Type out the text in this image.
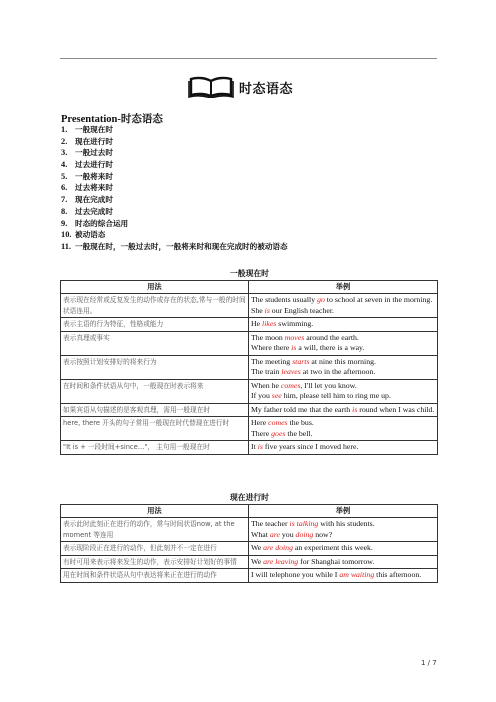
时态语态
Presentation-时态语态
1. 一般现在时
2. 现在进行时
3. 一般过去时
4. 过去进行时
5. 一般将来时
6. 过去将来时
7. 现在完成时
8. 过去完成时
9. 时态的综合运用
10. 被动语态
11. 一般现在时，一般过去时，一般将来时和现在完成时的被动语态
一般现在时
用法	举例
表示现在经常或反复发生的动作或存在的状态,常与一般的时间状语连用。	The students usually go to school at seven in the morning.
She is our English teacher.

表示主语的行为特征，性格或能力	He likes swimming.

表示真理或事实	The moon moves around the earth.
Where there is a will, there is a way.

表示按照计划安排好的将来行为	The meeting starts at nine this morning.
The train leaves at two in the afternoon.

在时间和条件状语从句中，一般现在时表示将来	When he comes, I'll let you know.
If you see him, please tell him to ring me up.

如果宾语从句描述的是客观真理，需用一般现在时	My father told me that the earth is round when I was child.

here, there 开头的句子常用一般现在时代替现在进行时	Here comes the bus.
There goes the bell.

"It is + 一段时间+since…"， 主句用一般现在时	It is five years since I moved here.
现在进行时
用法	举例
表示此时此刻正在进行的动作，常与时间状语now, at the moment 等连用	The teacher is talking with his students.
What are you doing now?

表示现阶段正在进行的动作，但此刻并不一定在进行	We are doing an experiment this week.

有时可用来表示将来发生的动作，表示安排好计划好的事情	We are leaving for Shanghai tomorrow.

用在时间和条件状语从句中表达将来正在进行的动作	I will telephone you while I am waiting this afternoon.
1 / 7
